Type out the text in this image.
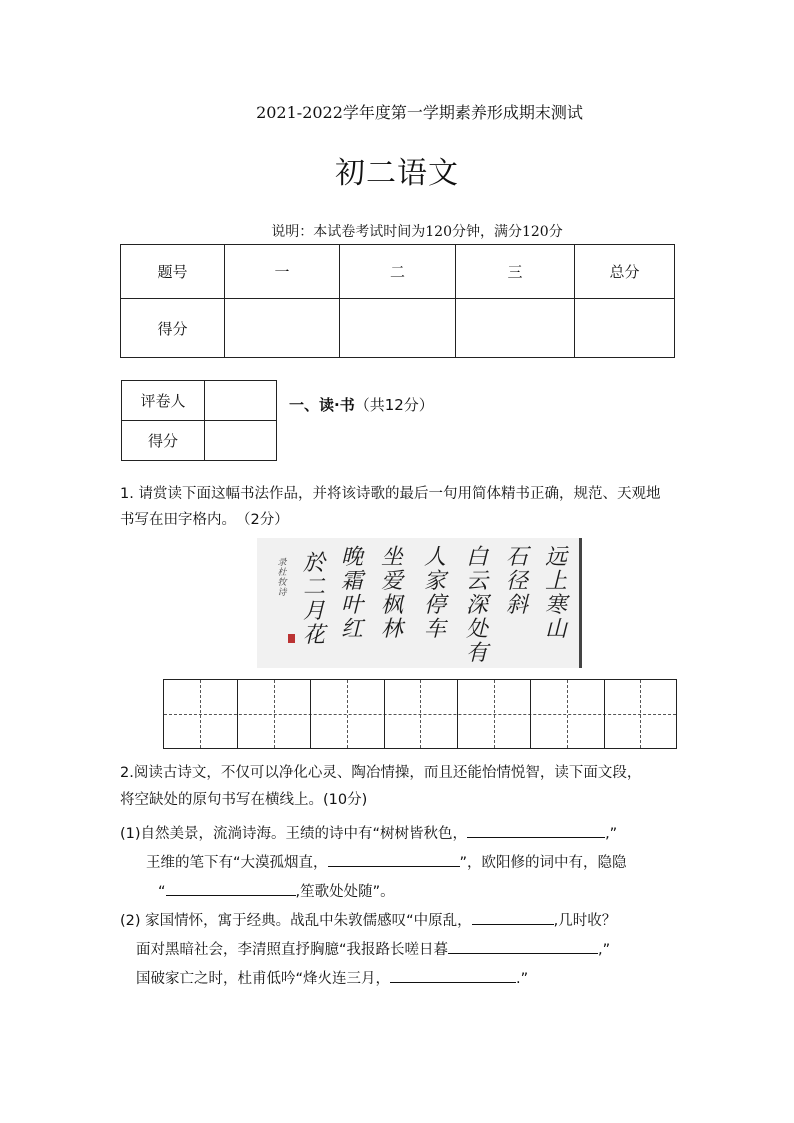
2021-2022学年度第一学期素养形成期末测试
初二语文
说明：本试卷考试时间为120分钟，满分120分
题号	一	二	三	总分
得分				
评卷人	
得分	
一、读·书（共12分）
1. 请赏读下面这幅书法作品，并将该诗歌的最后一句用简体精书正确，规范、天观地
书写在田字格内。　（2分）
远上寒山
石径斜
白云深处有
人家停车
坐爱枫林
晚霜叶红
於二月花
录杜牧诗
2.阅读古诗文，不仅可以净化心灵、陶冶情操，而且还能怡情悦智，读下面文段，
将空缺处的原句书写在横线上。(10分)
(1)自然美景，流淌诗海。王绩的诗中有“树树皆秋色，	,”
王维的笔下有“大漠孤烟直，	”，欧阳修的词中有，隐隐
“	,笙歌处处随”。
(2) 家国情怀，寓于经典。战乱中朱敦儒感叹“中原乱，	,几时收？
面对黑暗社会，李清照直抒胸臆“我报路长嗟日暮	,”
国破家亡之时，杜甫低吟“烽火连三月，	.”
